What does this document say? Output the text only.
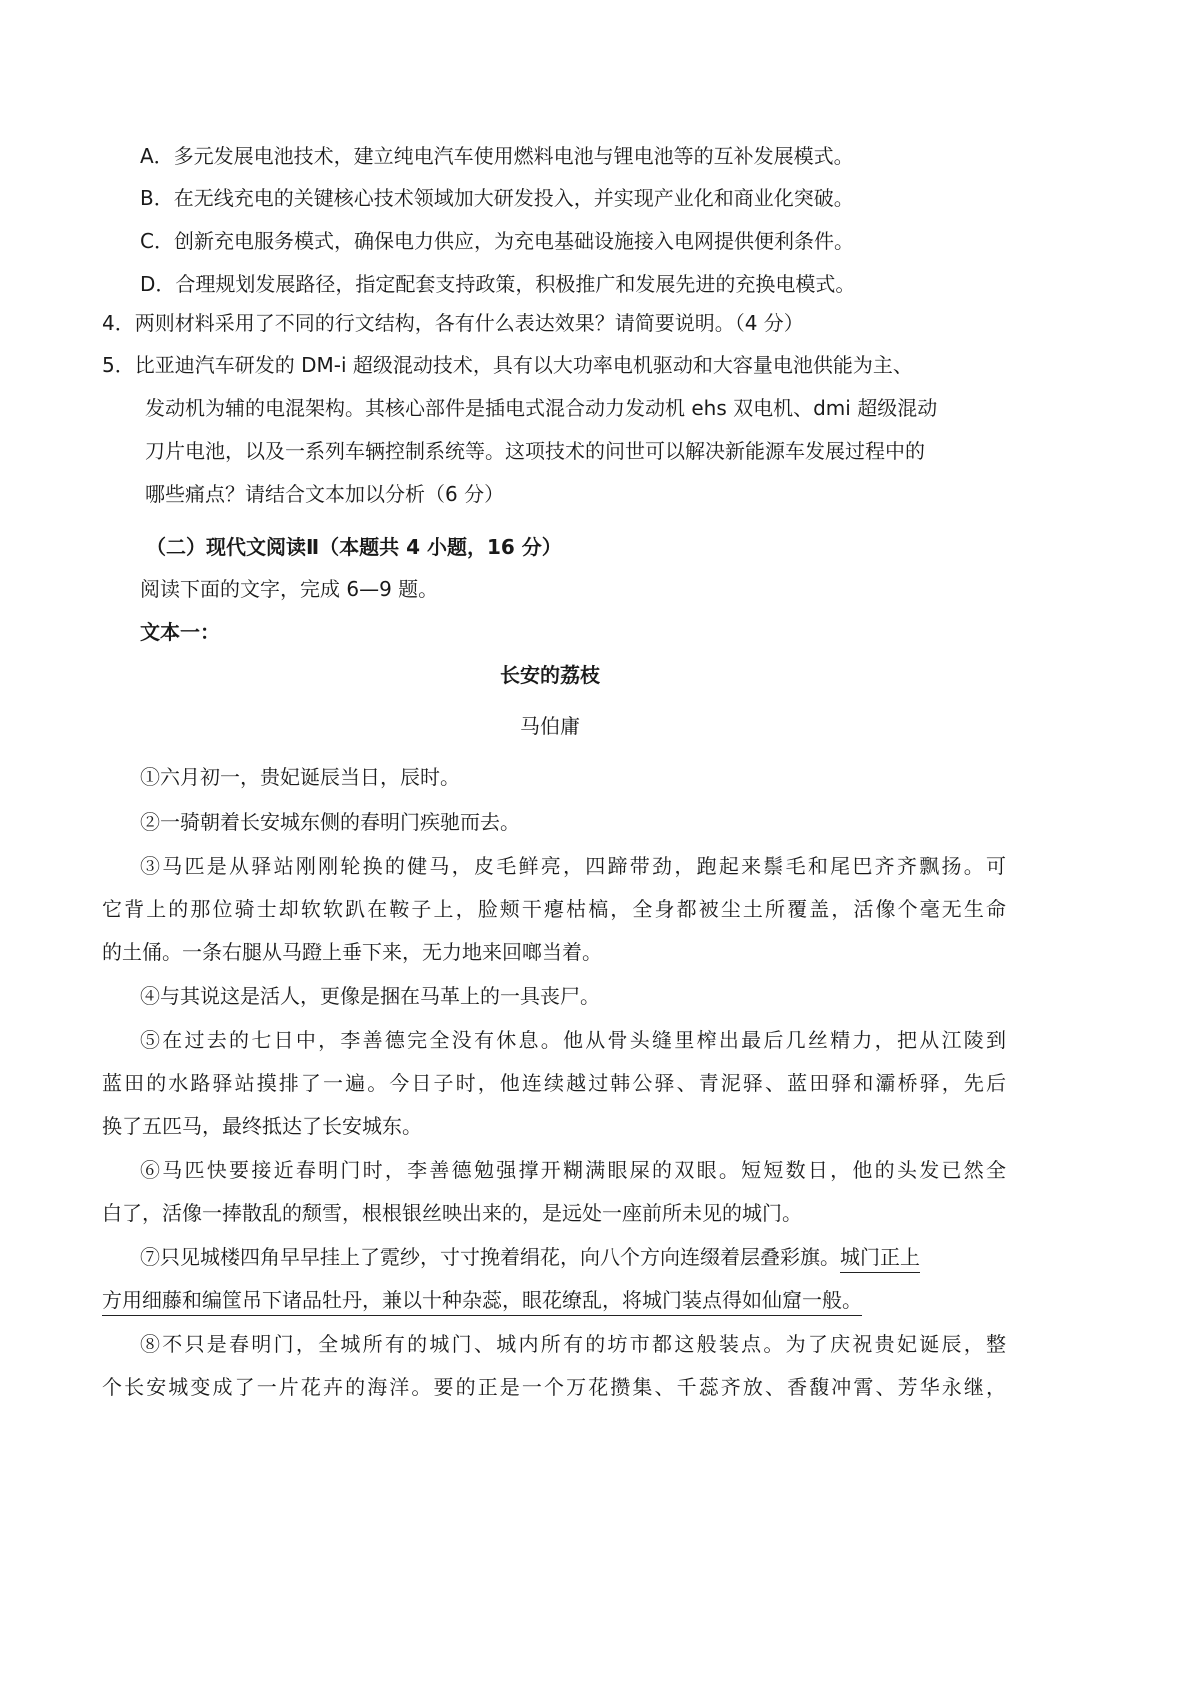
A．多元发展电池技术，建立纯电汽车使用燃料电池与锂电池等的互补发展模式。
B．在无线充电的关键核心技术领域加大研发投入，并实现产业化和商业化突破。
C．创新充电服务模式，确保电力供应，为充电基础设施接入电网提供便利条件。
D．合理规划发展路径，指定配套支持政策，积极推广和发展先进的充换电模式。
4．两则材料采用了不同的行文结构，各有什么表达效果？请简要说明。（4 分）
5．比亚迪汽车研发的 DM-i 超级混动技术，具有以大功率电机驱动和大容量电池供能为主、
发动机为辅的电混架构。其核心部件是插电式混合动力发动机 ehs 双电机、dmi 超级混动
刀片电池，以及一系列车辆控制系统等。这项技术的问世可以解决新能源车发展过程中的
哪些痛点？请结合文本加以分析（6 分）
（二）现代文阅读Ⅱ（本题共 4 小题，16 分）
阅读下面的文字，完成 6—9 题。
文本一：
长安的荔枝
马伯庸
①六月初一，贵妃诞辰当日，辰时。
②一骑朝着长安城东侧的春明门疾驰而去。
③马匹是从驿站刚刚轮换的健马，皮毛鲜亮，四蹄带劲，跑起来鬃毛和尾巴齐齐飘扬。可
它背上的那位骑士却软软趴在鞍子上，脸颊干瘪枯槁，全身都被尘土所覆盖，活像个毫无生命
的土俑。一条右腿从马蹬上垂下来，无力地来回啷当着。
④与其说这是活人，更像是捆在马革上的一具丧尸。
⑤在过去的七日中，李善德完全没有休息。他从骨头缝里榨出最后几丝精力，把从江陵到
蓝田的水路驿站摸排了一遍。今日子时，他连续越过韩公驿、青泥驿、蓝田驿和灞桥驿，先后
换了五匹马，最终抵达了长安城东。
⑥马匹快要接近春明门时，李善德勉强撑开糊满眼屎的双眼。短短数日，他的头发已然全
白了，活像一捧散乱的颓雪，根根银丝映出来的，是远处一座前所未见的城门。
⑦只见城楼四角早早挂上了霓纱，寸寸挽着绢花，向八个方向连缀着层叠彩旗。城门正上
方用细藤和编筐吊下诸品牡丹，兼以十种杂蕊，眼花缭乱，将城门装点得如仙窟一般。
⑧不只是春明门，全城所有的城门、城内所有的坊市都这般装点。为了庆祝贵妃诞辰，整
个长安城变成了一片花卉的海洋。要的正是一个万花攒集、千蕊齐放、香馥冲霄、芳华永继，
